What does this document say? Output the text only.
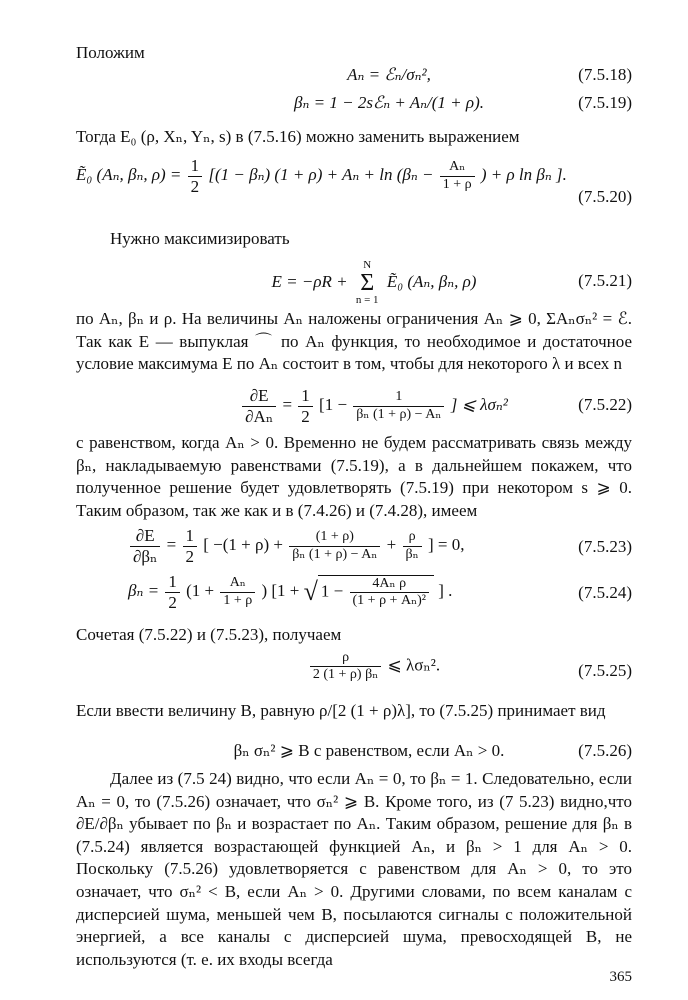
Положим

Aₙ = ℰₙ/σₙ²,	(7.5.18)
βₙ = 1 − 2sℰₙ + Aₙ/(1 + ρ).	(7.5.19)

Тогда E₀ (ρ, Xₙ, Yₙ, s) в (7.5.16) можно заменить выражением

Ẽ₀ (Aₙ, βₙ, $\rho) = \frac{1}{2} [(1 - \beta_n) (1 + \rho) + A_n + \ln (\beta_n - \frac{\text{Aₙ}}{1 + \rho}$ ) + ρ ln βₙ ].
(7.5.20)

Нужно максимизировать

E = −ρR + N
Σ
n = 1 Ẽ₀ (Aₙ, βₙ, ρ)	(7.5.21)

по Aₙ, βₙ и ρ. На величины Aₙ наложены ограничения Aₙ ⩾ 0, ΣAₙσₙ² = ℰ. Так как E — выпуклая ⌒ по Aₙ функция, то необходимое и достаточное условие максимума E по Aₙ состоит в том, чтобы для некоторого λ и всех n

$\frac{\partial E}{\text{∂Aₙ}} = \frac{1}{2} [1 - \frac{1}{\text{βₙ (1 + ρ) − Aₙ}}$ ] ⩽ λσₙ²	(7.5.22)

с равенством, когда Aₙ > 0. Временно не будем рассматривать связь между βₙ, накладываемую равенствами (7.5.19), а в дальнейшем покажем, что полученное решение будет удовлетворять (7.5.19) при некотором s ⩾ 0. Таким образом, так же как и в (7.4.26) и (7.4.28), имеем

$\frac{\partial E}{\text{∂βₙ}} = \frac{1}{2}$ [ $-(1 + \rho) + \frac{(1 + \rho)}{\text{βₙ (1 + ρ) − Aₙ}} + \frac{\rho}{\text{βₙ}}$ ] = 0,	(7.5.23)
$\beta_n = \frac{1}{2} (1 + \frac{\text{Aₙ}}{1 + \rho}$ ) [1 + √ $1 - \frac{\text{4Aₙ ρ}}{\text{(1 + ρ + Aₙ)²}}$ ] .	(7.5.24)

Сочетая (7.5.22) и (7.5.23), получаем

$\frac{\rho}{\text{2 (1 + ρ) βₙ}}$ ⩽ λσₙ².	(7.5.25)

Если ввести величину B, равную ρ/[2 (1 + ρ)λ], то (7.5.25) принимает вид

βₙ σₙ² ⩾ B с равенством, если Aₙ > 0.	(7.5.26)

Далее из (7.5 24) видно, что если Aₙ = 0, то βₙ = 1. Следовательно, если Aₙ = 0, то (7.5.26) означает, что σₙ² ⩾ B. Кроме того, из (7 5.23) видно,что ∂E/∂βₙ убывает по βₙ и возрастает по Aₙ. Таким образом, решение для βₙ в (7.5.24) является возрастающей функцией Aₙ, и βₙ > 1 для Aₙ > 0. Поскольку (7.5.26) удовлетворяется с равенством для Aₙ > 0, то это означает, что σₙ² < B, если Aₙ > 0. Другими словами, по всем каналам с дисперсией шума, меньшей чем B, посылаются сигналы с положительной энергией, а все каналы с дисперсией шума, превосходящей B, не используются (т. е. их входы всегда

365
